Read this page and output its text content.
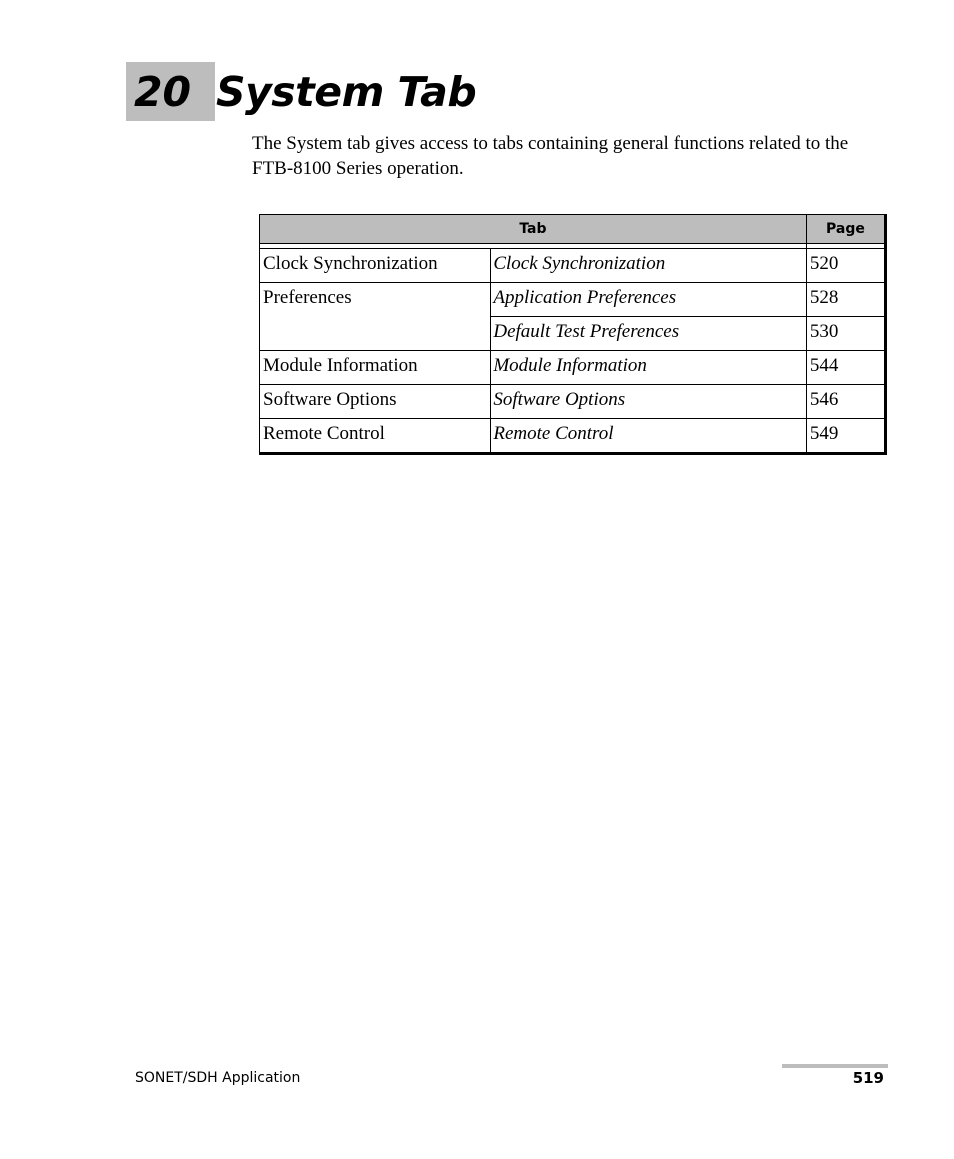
20 System Tab
The System tab gives access to tabs containing general functions related to the FTB-8100 Series operation.
Tab		Page

Clock Synchronization	Clock Synchronization	520
Preferences	Application Preferences	528
	Default Test Preferences	530
Module Information	Module Information	544
Software Options	Software Options	546
Remote Control	Remote Control	549
SONET/SDH Application	519
